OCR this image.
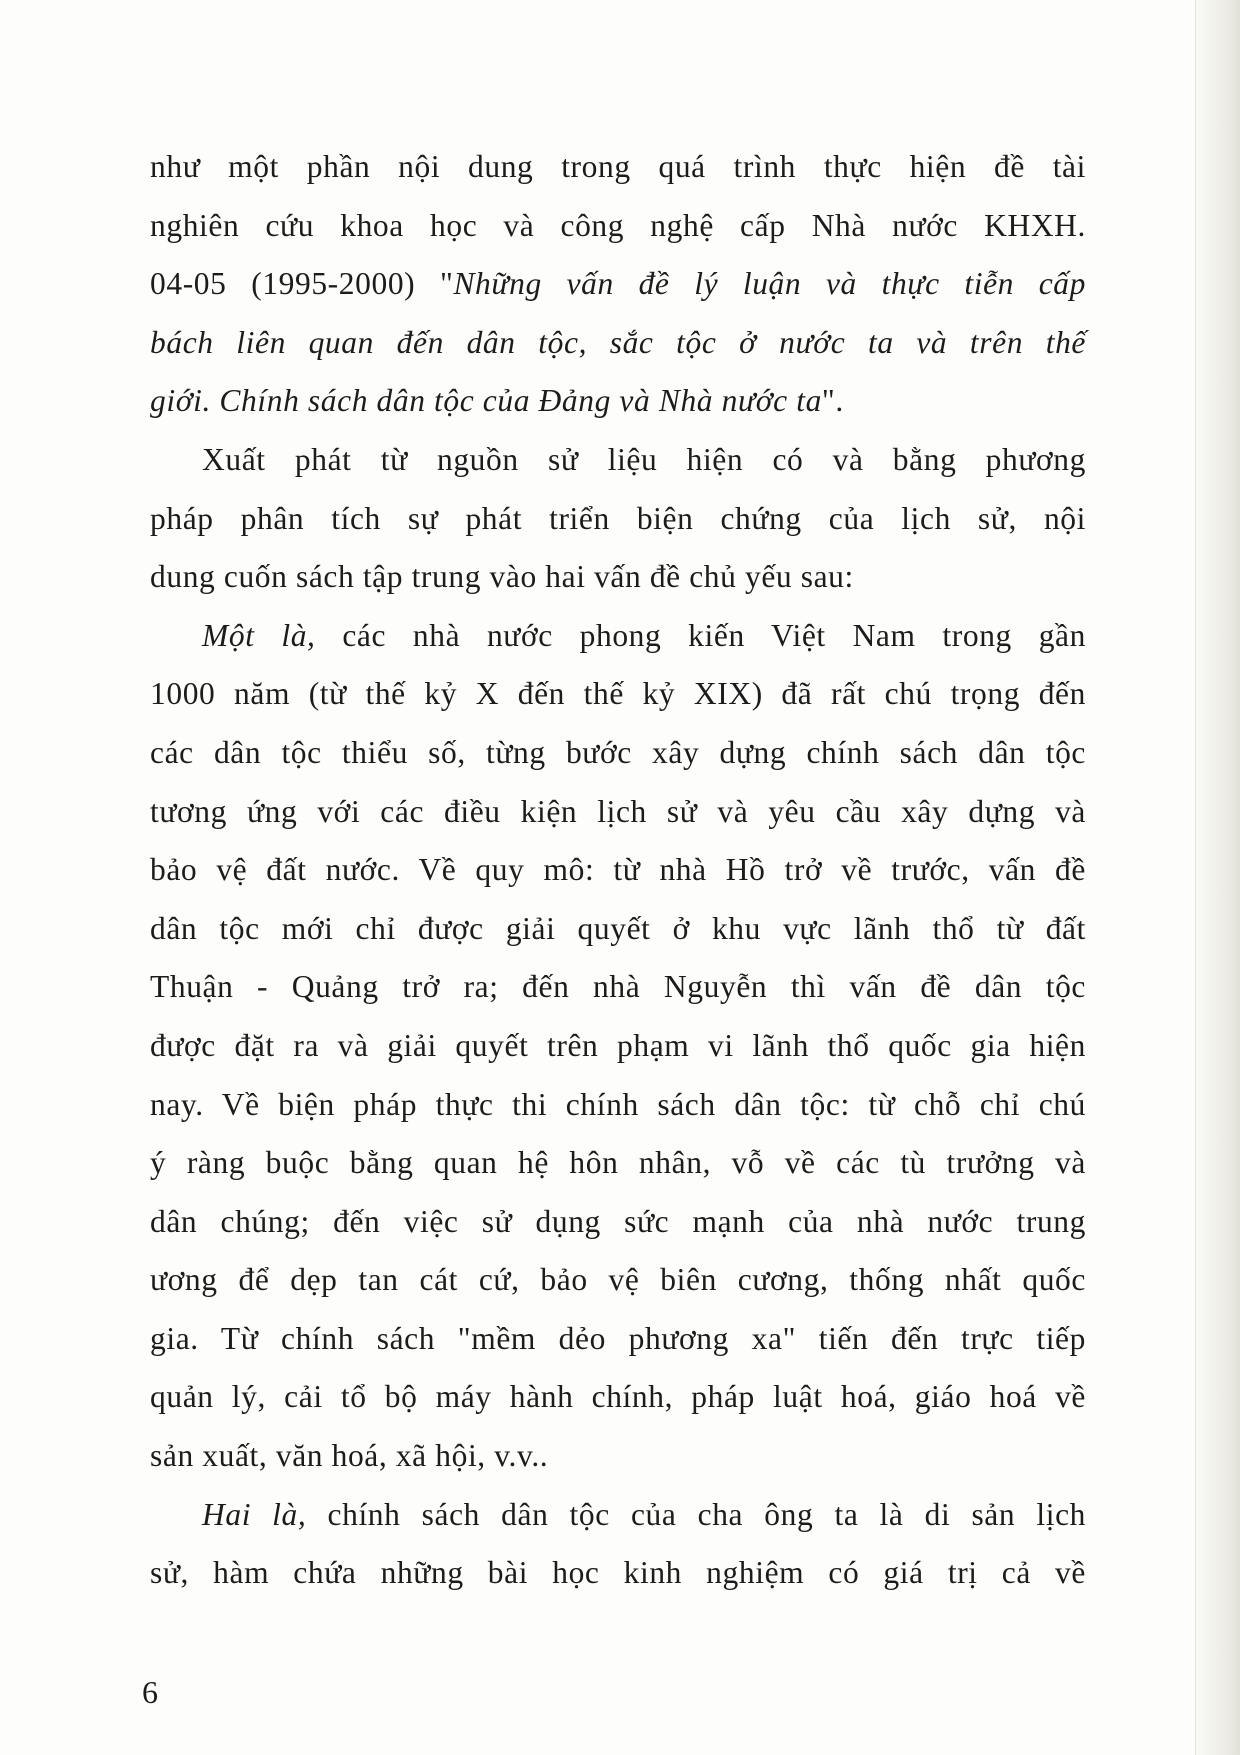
như một phần nội dung trong quá trình thực hiện đề tài
nghiên cứu khoa học và công nghệ cấp Nhà nước KHXH.
04-05 (1995-2000) "Những vấn đề lý luận và thực tiễn cấp
bách liên quan đến dân tộc, sắc tộc ở nước ta và trên thế
giới. Chính sách dân tộc của Đảng và Nhà nước ta".

Xuất phát từ nguồn sử liệu hiện có và bằng phương
pháp phân tích sự phát triển biện chứng của lịch sử, nội
dung cuốn sách tập trung vào hai vấn đề chủ yếu sau:

Một là, các nhà nước phong kiến Việt Nam trong gần
1000 năm (từ thế kỷ X đến thế kỷ XIX) đã rất chú trọng đến
các dân tộc thiểu số, từng bước xây dựng chính sách dân tộc
tương ứng với các điều kiện lịch sử và yêu cầu xây dựng và
bảo vệ đất nước. Về quy mô: từ nhà Hồ trở về trước, vấn đề
dân tộc mới chỉ được giải quyết ở khu vực lãnh thổ từ đất
Thuận - Quảng trở ra; đến nhà Nguyễn thì vấn đề dân tộc
được đặt ra và giải quyết trên phạm vi lãnh thổ quốc gia hiện
nay. Về biện pháp thực thi chính sách dân tộc: từ chỗ chỉ chú
ý ràng buộc bằng quan hệ hôn nhân, vỗ về các tù trưởng và
dân chúng; đến việc sử dụng sức mạnh của nhà nước trung
ương để dẹp tan cát cứ, bảo vệ biên cương, thống nhất quốc
gia. Từ chính sách "mềm dẻo phương xa" tiến đến trực tiếp
quản lý, cải tổ bộ máy hành chính, pháp luật hoá, giáo hoá về
sản xuất, văn hoá, xã hội, v.v..

Hai là, chính sách dân tộc của cha ông ta là di sản lịch
sử, hàm chứa những bài học kinh nghiệm có giá trị cả về

6
